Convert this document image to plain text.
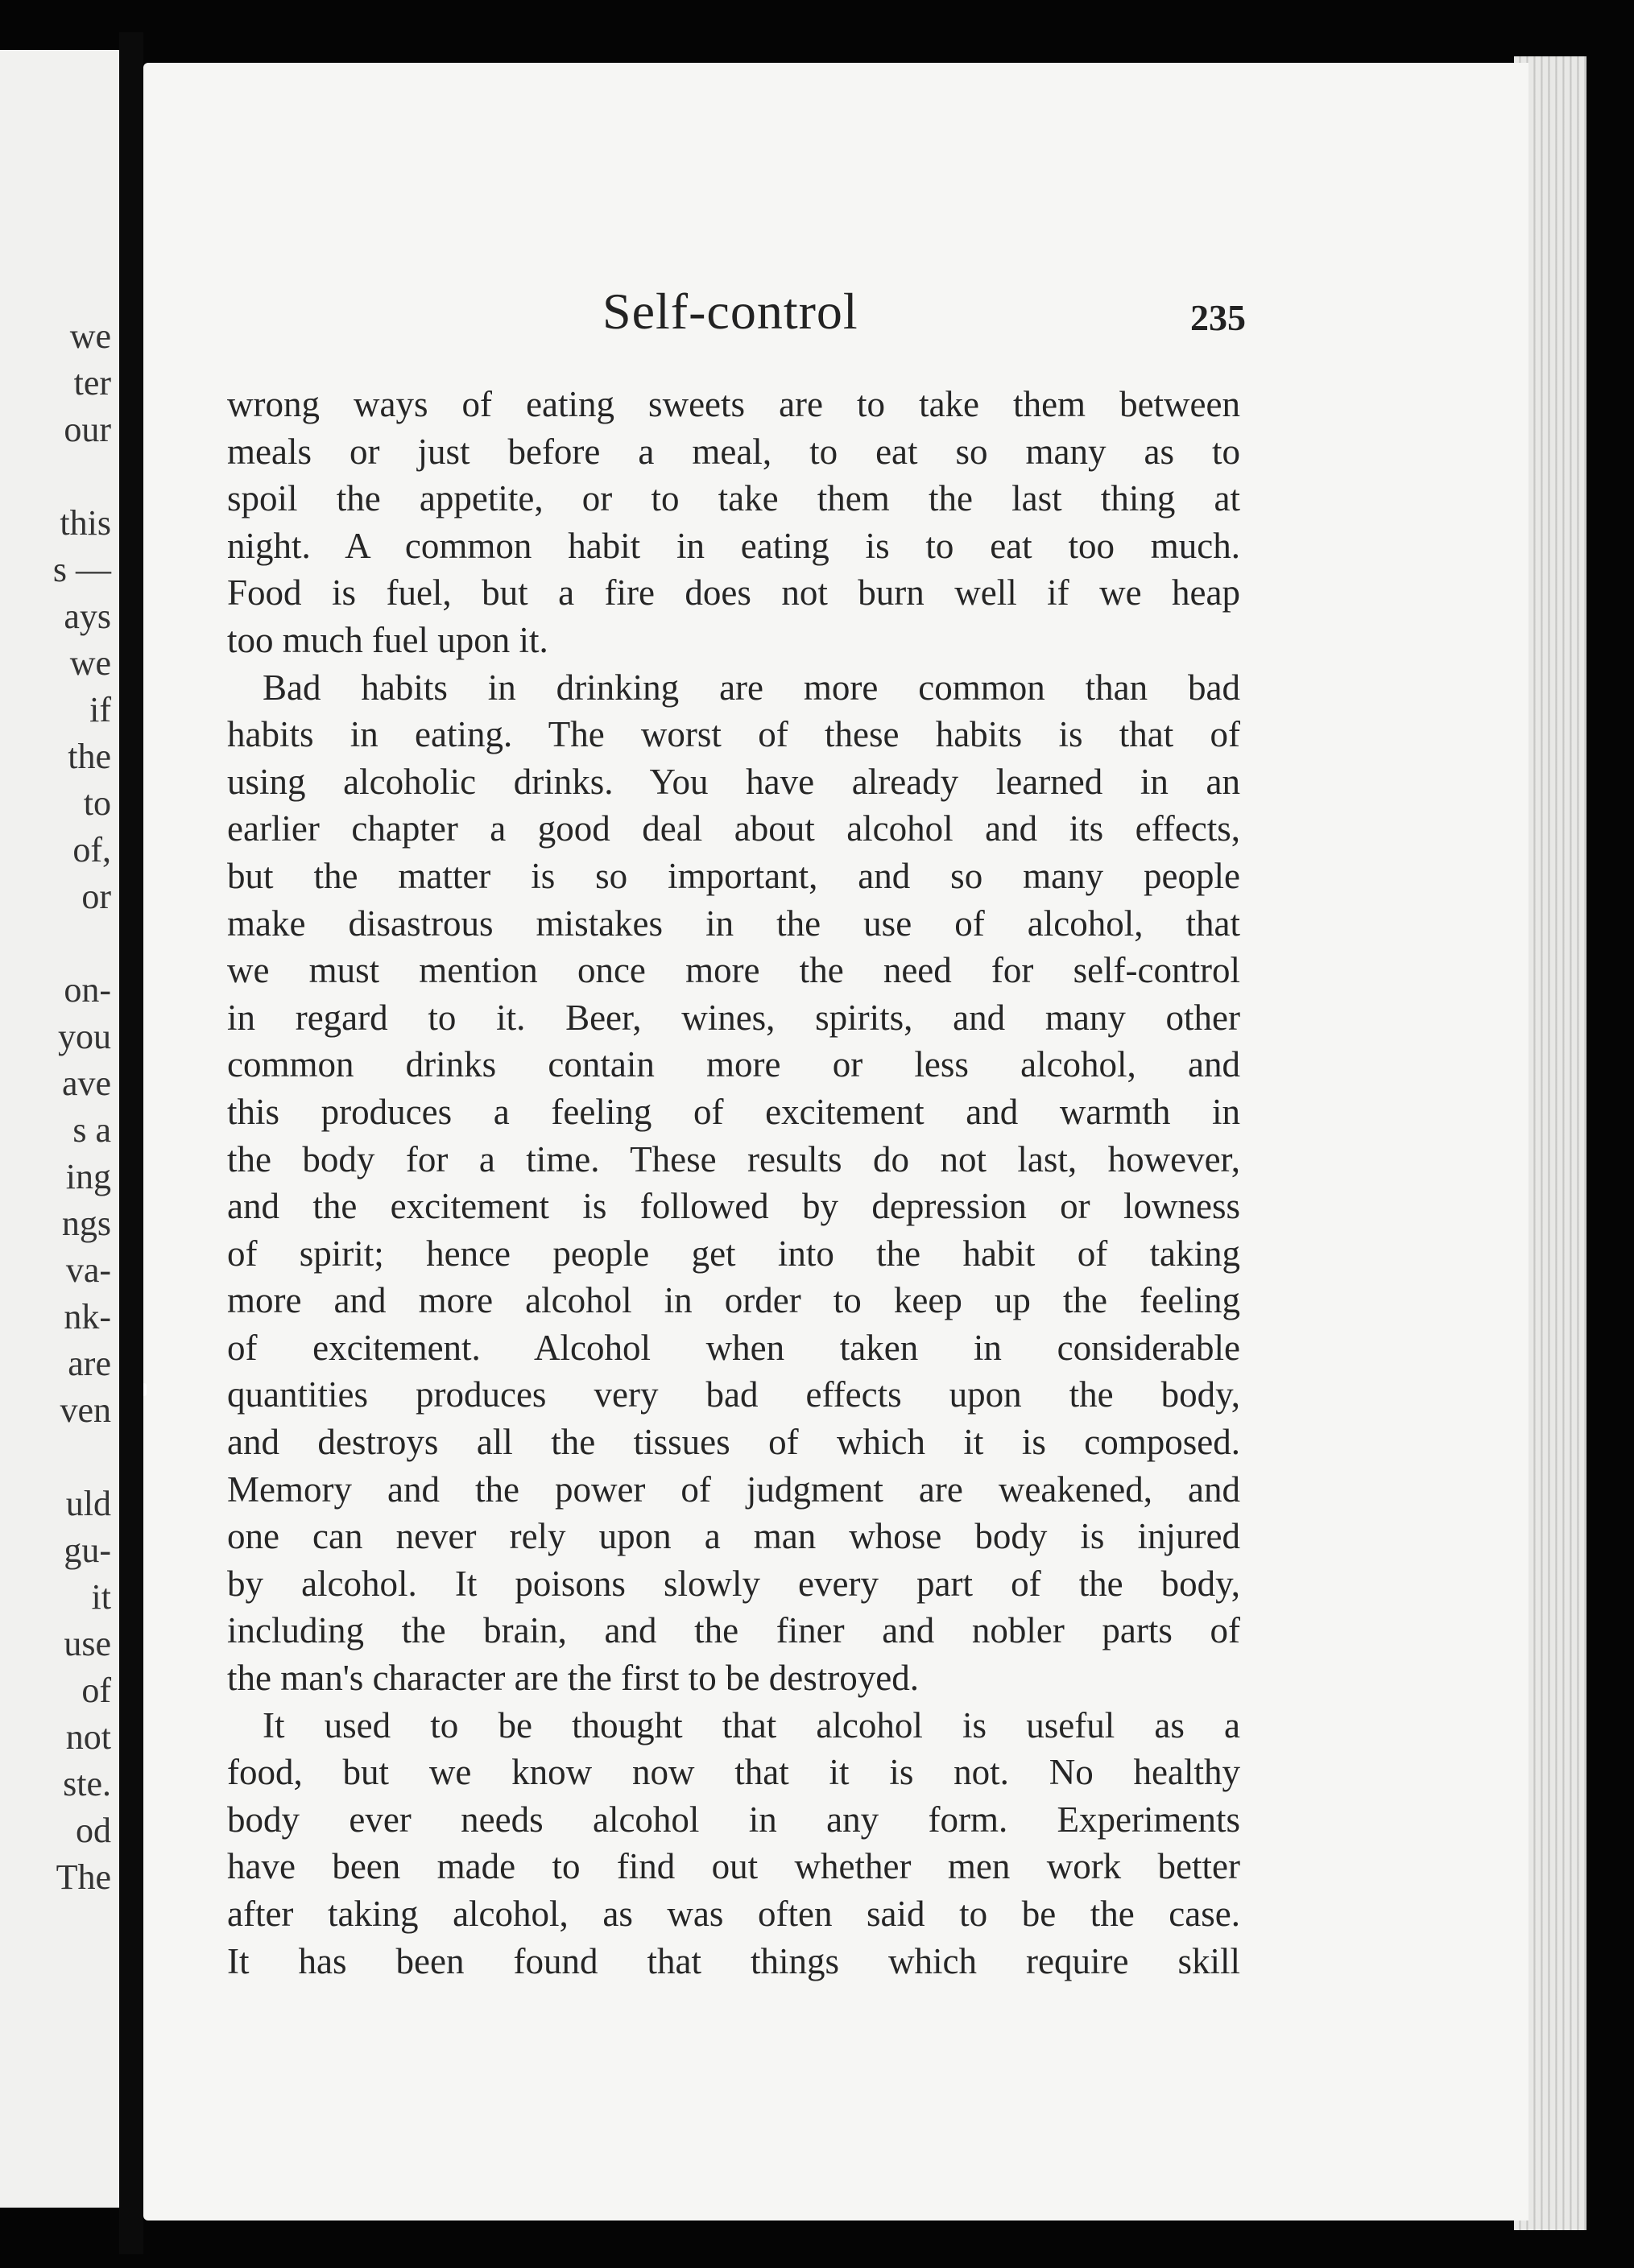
we
ter
our
this
s —
ays
we
if
the
to
of,
or
on-
you
ave
s a
ing
ngs
va-
nk-
are
ven
uld
gu-
it
use
of
not
ste.
od
The
Self-control	235
wrong ways of eating sweets are to take them between
meals or just before a meal, to eat so many as to
spoil the appetite, or to take them the last thing at
night. A common habit in eating is to eat too much.
Food is fuel, but a fire does not burn well if we heap
too much fuel upon it.
Bad habits in drinking are more common than bad
habits in eating. The worst of these habits is that of
using alcoholic drinks. You have already learned in an
earlier chapter a good deal about alcohol and its effects,
but the matter is so important, and so many people
make disastrous mistakes in the use of alcohol, that
we must mention once more the need for self-control
in regard to it. Beer, wines, spirits, and many other
common drinks contain more or less alcohol, and
this produces a feeling of excitement and warmth in
the body for a time. These results do not last, however,
and the excitement is followed by depression or lowness
of spirit; hence people get into the habit of taking
more and more alcohol in order to keep up the feeling
of excitement. Alcohol when taken in considerable
quantities produces very bad effects upon the body,
and destroys all the tissues of which it is composed.
Memory and the power of judgment are weakened, and
one can never rely upon a man whose body is injured
by alcohol. It poisons slowly every part of the body,
including the brain, and the finer and nobler parts of
the man's character are the first to be destroyed.
It used to be thought that alcohol is useful as a
food, but we know now that it is not. No healthy
body ever needs alcohol in any form. Experiments
have been made to find out whether men work better
after taking alcohol, as was often said to be the case.
It has been found that things which require skill
